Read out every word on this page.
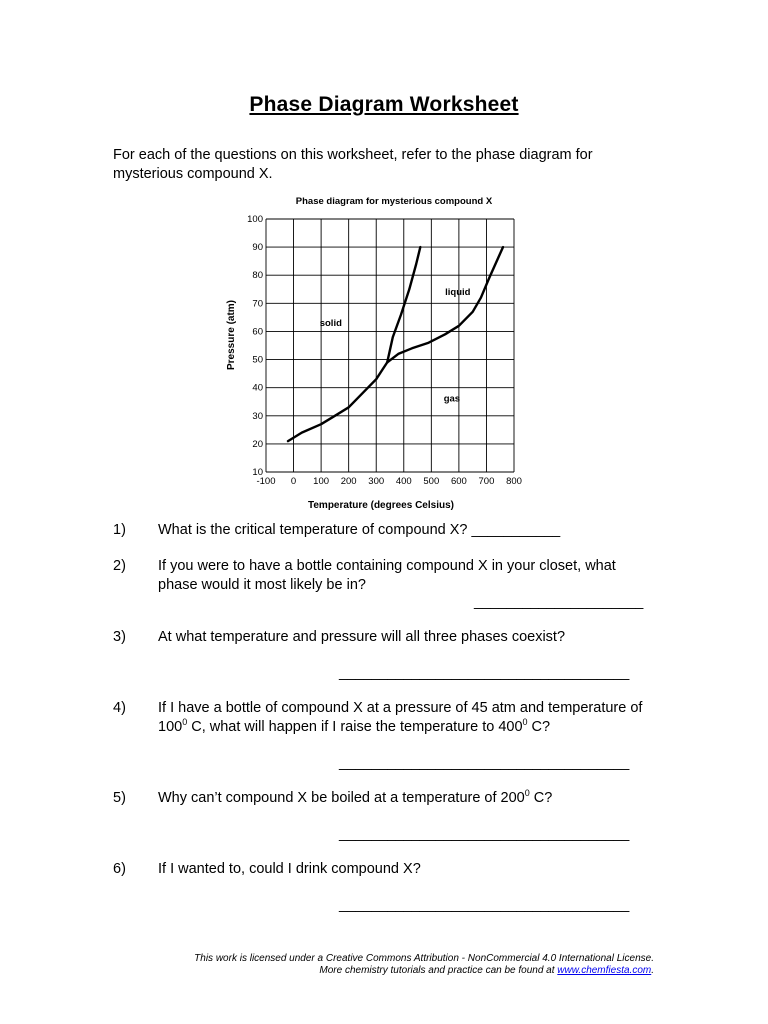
Phase Diagram Worksheet
For each of the questions on this worksheet, refer to the phase diagram for mysterious compound X.
Phase diagram for mysterious compound X
Temperature (degrees Celsius)
Pressure (atm)
10
20
30
40
50
60
70
80
90
100
-100 0 100 200 300 400 500 600 700 800
solid
liquid
gas
1) What is the critical temperature of compound X? ___________
2) If you were to have a bottle containing compound X in your closet, what phase would it most likely be in?
_____________________
3) At what temperature and pressure will all three phases coexist?
____________________________________
4) If I have a bottle of compound X at a pressure of 45 atm and temperature of $100^0$ C, what will happen if I raise the temperature to $400^0$ C?
____________________________________
5) Why can’t compound X be boiled at a temperature of $200^0$ C?
____________________________________
6) If I wanted to, could I drink compound X?
____________________________________
This work is licensed under a Creative Commons Attribution - NonCommercial 4.0 International License.
More chemistry tutorials and practice can be found at www.chemfiesta.com.
